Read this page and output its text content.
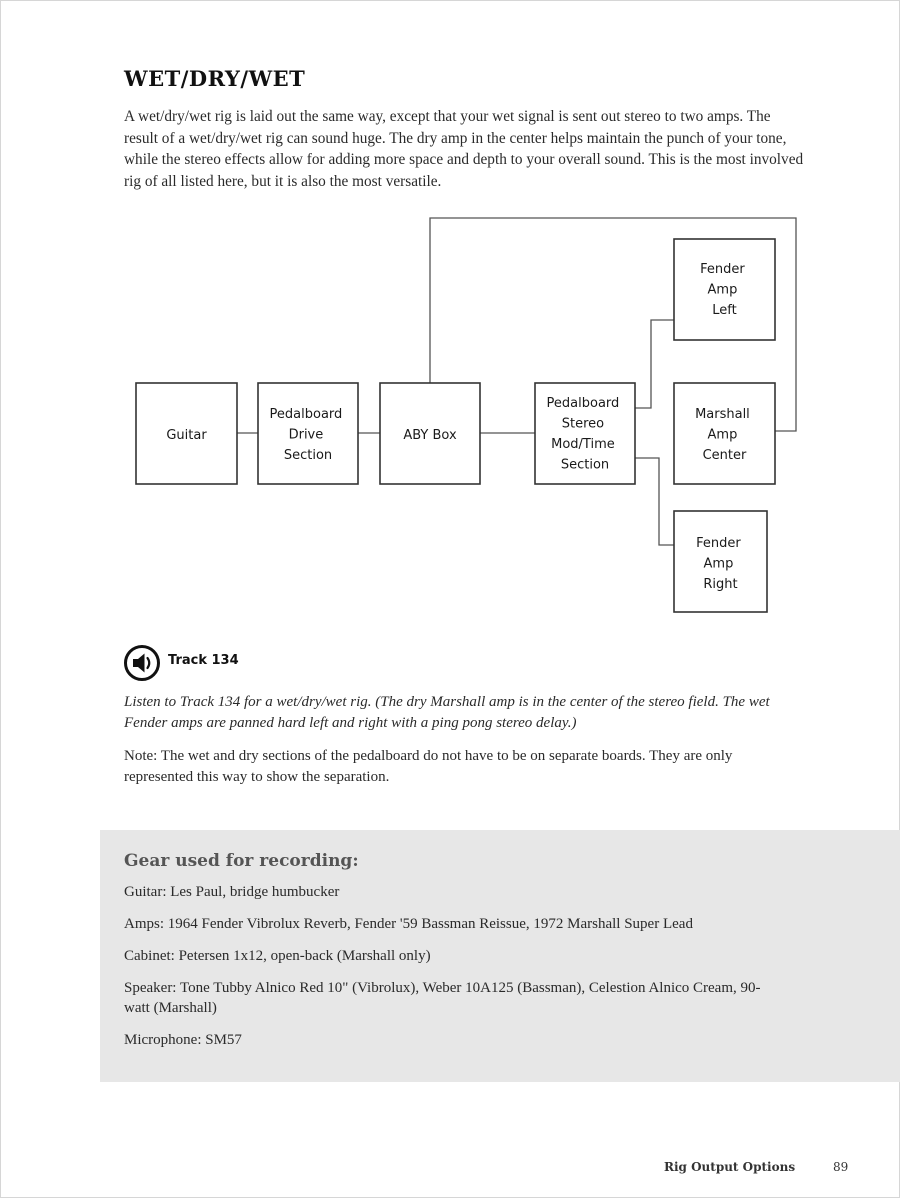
WET/DRY/WET

A wet/dry/wet rig is laid out the same way, except that your wet signal is sent out stereo to two amps. The result of a wet/dry/wet rig can sound huge. The dry amp in the center helps maintain the punch of your tone, while the stereo effects allow for adding more space and depth to your overall sound. This is the most involved rig of all listed here, but it is also the most versatile.

Guitar
Pedalboard Drive Section
ABY Box
Pedalboard Stereo Mod/Time Section
Fender Amp Left
Marshall Amp Center
Fender Amp Right
Track 134

Listen to Track 134 for a wet/dry/wet rig. (The dry Marshall amp is in the center of the stereo field. The wet Fender amps are panned hard left and right with a ping pong stereo delay.)

Note: The wet and dry sections of the pedalboard do not have to be on separate boards. They are only represented this way to show the separation.

Gear used for recording:

Guitar: Les Paul, bridge humbucker

Amps: 1964 Fender Vibrolux Reverb, Fender '59 Bassman Reissue, 1972 Marshall Super Lead

Cabinet: Petersen 1x12, open-back (Marshall only)

Speaker: Tone Tubby Alnico Red 10" (Vibrolux), Weber 10A125 (Bassman), Celestion Alnico Cream, 90-watt (Marshall)

Microphone: SM57

Rig Output Options	89
